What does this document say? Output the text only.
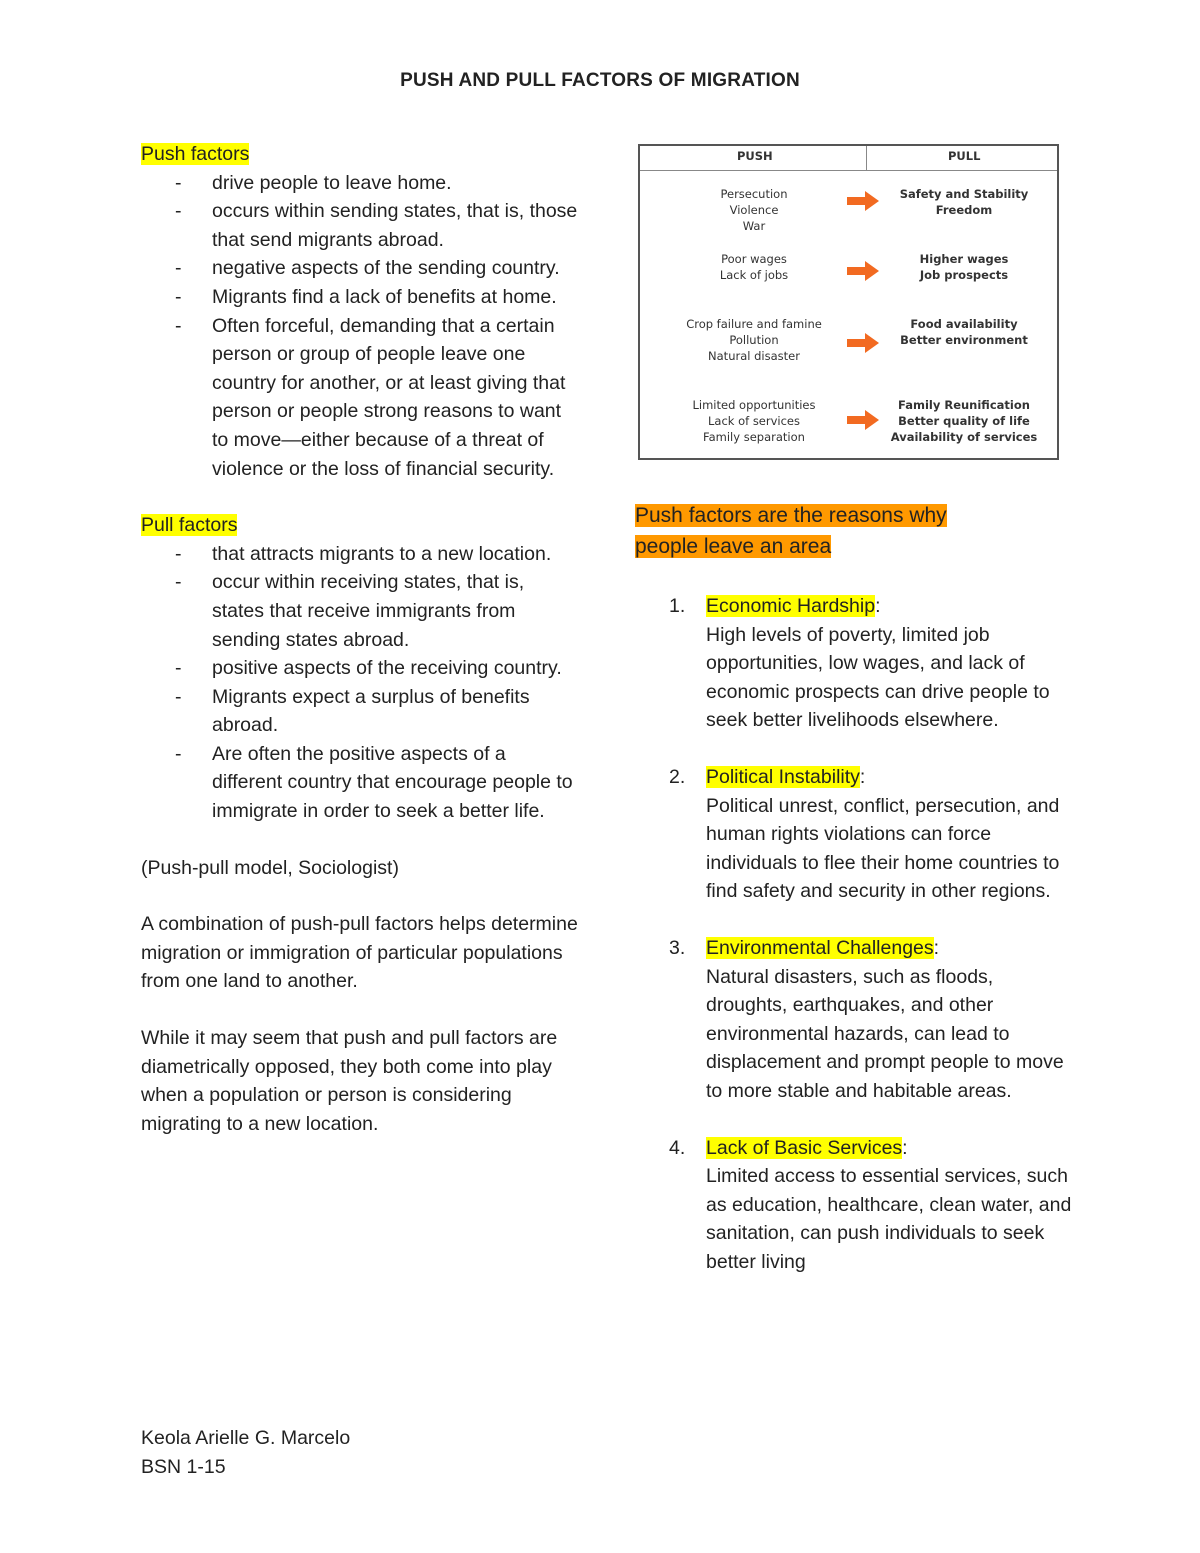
PUSH AND PULL FACTORS OF MIGRATION
Push factors
- drive people to leave home.
- occurs within sending states, that is, those that send migrants abroad.
- negative aspects of the sending country.
- Migrants find a lack of benefits at home.
- Often forceful, demanding that a certain person or group of people leave one country for another, or at least giving that person or people strong reasons to want to move—either because of a threat of violence or the loss of financial security.
Pull factors
- that attracts migrants to a new location.
- occur within receiving states, that is, states that receive immigrants from sending states abroad.
- positive aspects of the receiving country.
- Migrants expect a surplus of benefits abroad.
- Are often the positive aspects of a different country that encourage people to immigrate in order to seek a better life.

(Push-pull model, Sociologist)

A combination of push-pull factors helps determine migration or immigration of particular populations from one land to another.

While it may seem that push and pull factors are diametrically opposed, they both come into play when a population or person is considering migrating to a new location.

Keola Arielle G. Marcelo
BSN 1-15
PUSH	PULL
Persecution
Violence
War
Safety and Stability
Freedom
Poor wages
Lack of jobs
Higher wages
Job prospects
Crop failure and famine
Pollution
Natural disaster
Food availability
Better environment
Limited opportunities
Lack of services
Family separation
Family Reunification
Better quality of life
Availability of services
Push factors are the reasons why people leave an area
1. Economic Hardship:
High levels of poverty, limited job opportunities, low wages, and lack of economic prospects can drive people to seek better livelihoods elsewhere.
2. Political Instability:
Political unrest, conflict, persecution, and human rights violations can force individuals to flee their home countries to find safety and security in other regions.
3. Environmental Challenges:
Natural disasters, such as floods, droughts, earthquakes, and other environmental hazards, can lead to displacement and prompt people to move to more stable and habitable areas.
4. Lack of Basic Services:
Limited access to essential services, such as education, healthcare, clean water, and sanitation, can push individuals to seek better living
